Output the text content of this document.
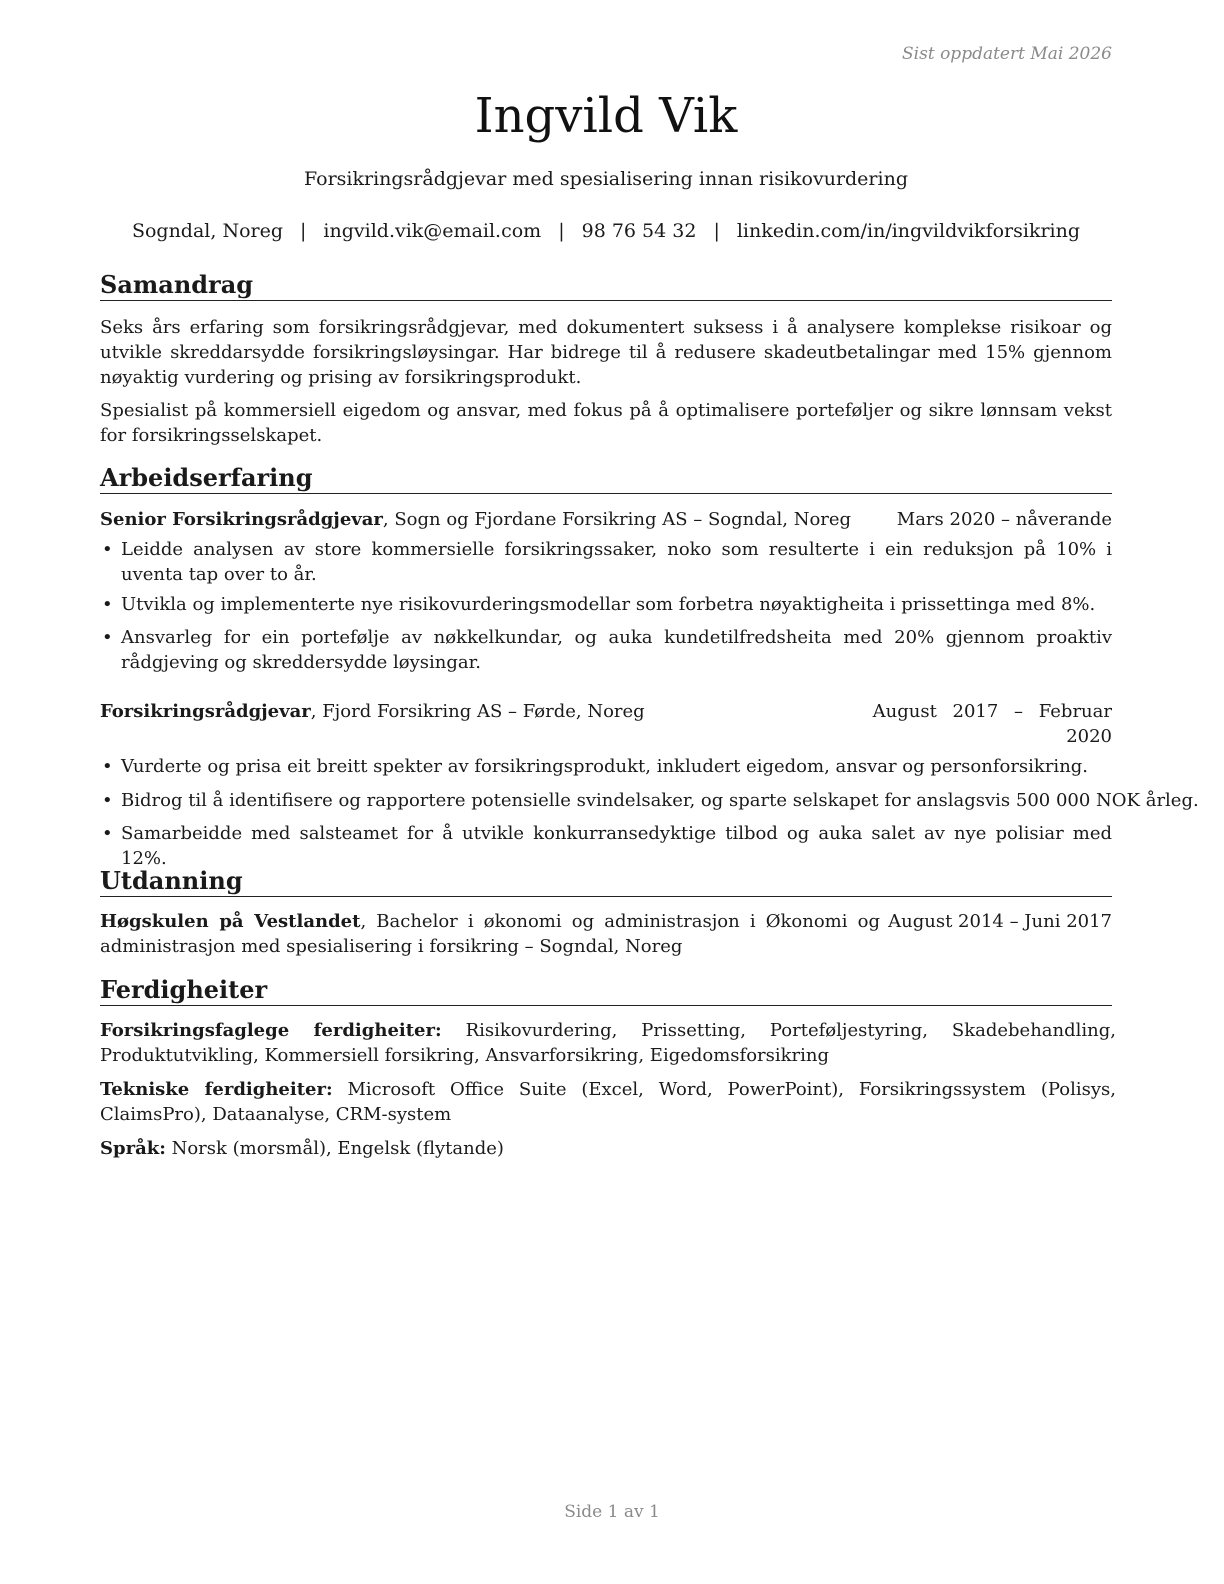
Sist oppdatert Mai 2026
Ingvild Vik
Forsikringsrådgjevar med spesialisering innan risikovurdering
Sogndal, Noreg | ingvild.vik@email.com | 98 76 54 32 | linkedin.com/in/ingvildvikforsikring
Samandrag
Seks års erfaring som forsikringsrådgjevar, med dokumentert suksess i å analysere komplekse risikoar og utvikle skreddarsydde forsikringsløysingar. Har bidrege til å redusere skadeutbetalingar med 15% gjennom nøyaktig vurdering og prising av forsikringsprodukt.
Spesialist på kommersiell eigedom og ansvar, med fokus på å optimalisere porteføljer og sikre lønnsam vekst for forsikringsselskapet.
Arbeidserfaring
Senior Forsikringsrådgjevar, Sogn og Fjordane Forsikring AS – Sogndal, Noreg	Mars 2020 – nåverande
• Leidde analysen av store kommersielle forsikringssaker, noko som resulterte i ein reduksjon på 10% i uventa tap over to år.
• Utvikla og implementerte nye risikovurderingsmodellar som forbetra nøyaktigheita i prissettinga med 8%.
• Ansvarleg for ein portefølje av nøkkelkundar, og auka kundetilfredsheita med 20% gjennom proaktiv rådgjeving og skreddersydde løysingar.
Forsikringsrådgjevar, Fjord Forsikring AS – Førde, Noreg	August 2017 – Februar
2020
• Vurderte og prisa eit breitt spekter av forsikringsprodukt, inkludert eigedom, ansvar og personforsikring.
• Bidrog til å identifisere og rapportere potensielle svindelsaker, og sparte selskapet for anslagsvis 500 000 NOK årleg.
• Samarbeidde med salsteamet for å utvikle konkurransedyktige tilbod og auka salet av nye polisiar med 12%.
Utdanning
Høgskulen på Vestlandet, Bachelor i økonomi og administrasjon i Økonomi og administrasjon med spesialisering i forsikring – Sogndal, Noreg
August 2014 – Juni 2017
Ferdigheiter
Forsikringsfaglege ferdigheiter: Risikovurdering, Prissetting, Porteføljestyring, Skadebehandling, Produktutvikling, Kommersiell forsikring, Ansvarforsikring, Eigedomsforsikring
Tekniske ferdigheiter: Microsoft Office Suite (Excel, Word, PowerPoint), Forsikringssystem (Polisys, ClaimsPro), Dataanalyse, CRM-system
Språk: Norsk (morsmål), Engelsk (flytande)
Side 1 av 1
